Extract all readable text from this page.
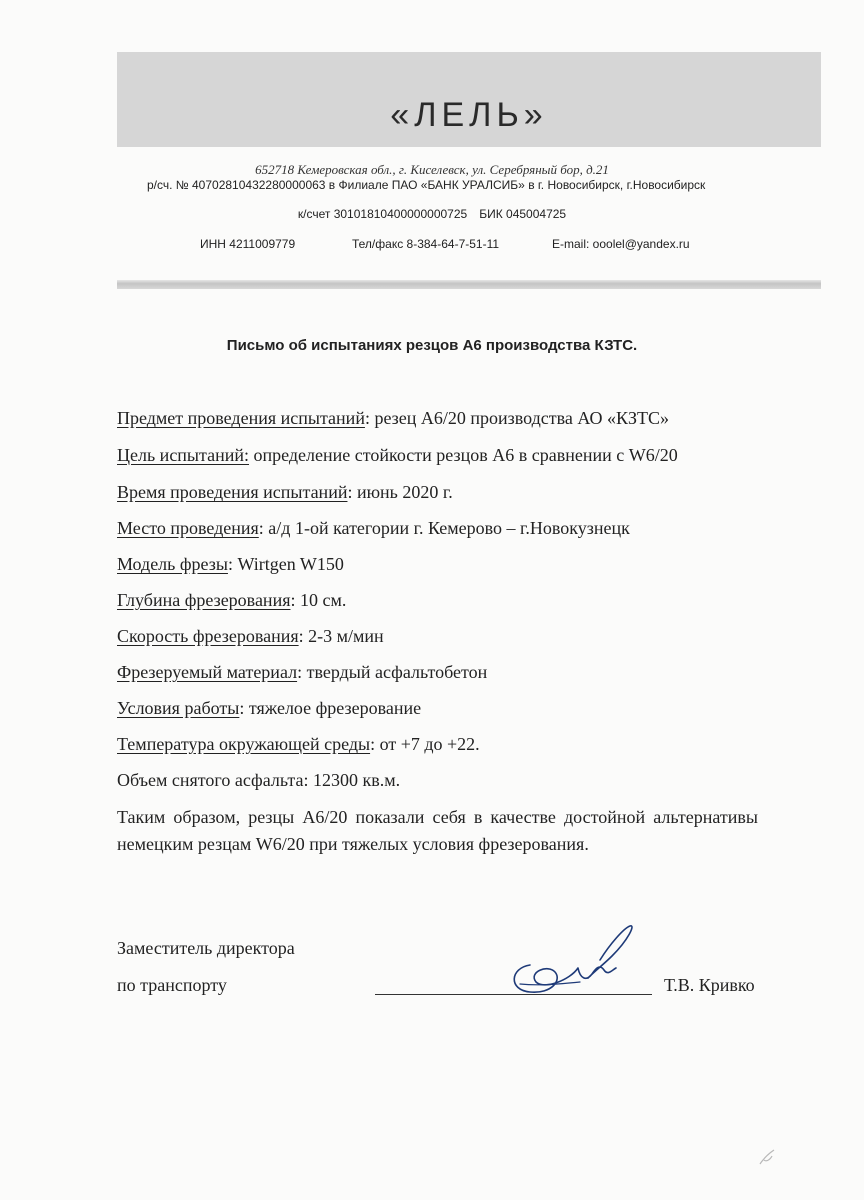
«ЛЕЛЬ»
652718 Кемеровская обл., г. Киселевск, ул. Серебряный бор, д.21
р/сч. № 40702810432280000063 в Филиале ПАО «БАНК УРАЛСИБ» в г. Новосибирск, г.Новосибирск
к/счет 30101810400000000725 БИК 045004725
ИНН 4211009779	Тел/факс 8-384-64-7-51-11	E-mail: ooolel@yandex.ru
Письмо об испытаниях резцов А6 производства КЗТС.
Предмет проведения испытаний: резец А6/20 производства АО «КЗТС»
Цель испытаний: определение стойкости резцов А6 в сравнении с W6/20
Время проведения испытаний: июнь 2020 г.
Место проведения: а/д 1-ой категории г. Кемерово – г.Новокузнецк
Модель фрезы: Wirtgen W150
Глубина фрезерования: 10 см.
Скорость фрезерования: 2-3 м/мин
Фрезеруемый материал: твердый асфальтобетон
Условия работы: тяжелое фрезерование
Температура окружающей среды: от +7 до +22.
Объем снятого асфальта: 12300 кв.м.
Таким образом, резцы А6/20 показали себя в качестве достойной альтернативы немецким резцам W6/20 при тяжелых условия фрезерования.
Заместитель директора
по транспорту	Т.В. Кривко
